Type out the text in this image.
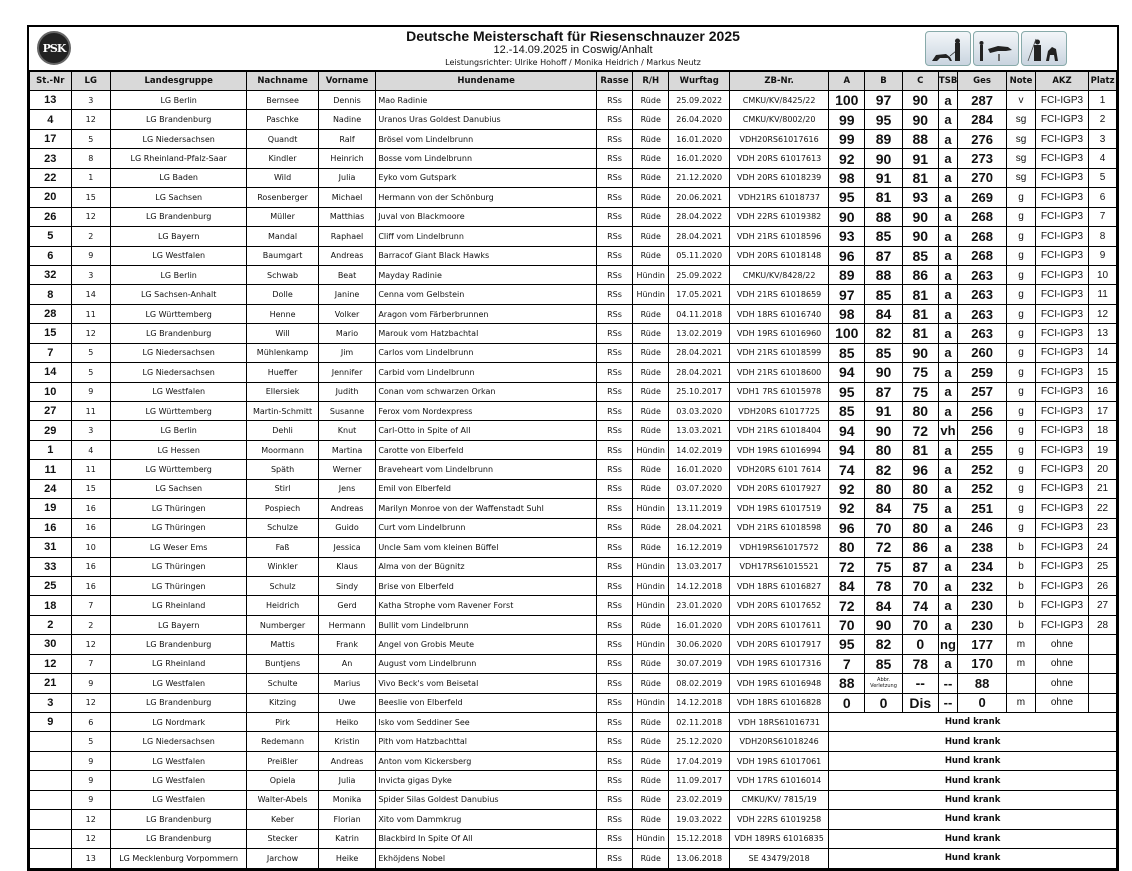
PSK
Deutsche Meisterschaft für Riesenschnauzer 2025
12.-14.09.2025 in Coswig/Anhalt
Leistungsrichter: Ulrike Hohoff / Monika Heidrich / Markus Neutz
St.-Nr	LG	Landesgruppe	Nachname	Vorname	Hundename	Rasse	R/H	Wurftag	ZB-Nr.	A	B	C	TSB	Ges	Note	AKZ	Platz
13	3	LG Berlin	Bernsee	Dennis	Mao Radinie	RSs	Rüde	25.09.2022	CMKU/KV/8425/22	100	97	90	a	287	v	FCI-IGP3	1
4	12	LG Brandenburg	Paschke	Nadine	Uranos Uras Goldest Danubius	RSs	Rüde	26.04.2020	CMKU/KV/8002/20	99	95	90	a	284	sg	FCI-IGP3	2
17	5	LG Niedersachsen	Quandt	Ralf	Brösel vom Lindelbrunn	RSs	Rüde	16.01.2020	VDH20RS61017616	99	89	88	a	276	sg	FCI-IGP3	3
23	8	LG Rheinland-Pfalz-Saar	Kindler	Heinrich	Bosse vom Lindelbrunn	RSs	Rüde	16.01.2020	VDH 20RS 61017613	92	90	91	a	273	sg	FCI-IGP3	4
22	1	LG Baden	Wild	Julia	Eyko vom Gutspark	RSs	Rüde	21.12.2020	VDH 20RS 61018239	98	91	81	a	270	sg	FCI-IGP3	5
20	15	LG Sachsen	Rosenberger	Michael	Hermann von der Schönburg	RSs	Rüde	20.06.2021	VDH21RS 61018737	95	81	93	a	269	g	FCI-IGP3	6
26	12	LG Brandenburg	Müller	Matthias	Juval von Blackmoore	RSs	Rüde	28.04.2022	VDH 22RS 61019382	90	88	90	a	268	g	FCI-IGP3	7
5	2	LG Bayern	Mandal	Raphael	Cliff vom Lindelbrunn	RSs	Rüde	28.04.2021	VDH 21RS 61018596	93	85	90	a	268	g	FCI-IGP3	8
6	9	LG Westfalen	Baumgart	Andreas	Barracof Giant Black Hawks	RSs	Rüde	05.11.2020	VDH 20RS 61018148	96	87	85	a	268	g	FCI-IGP3	9
32	3	LG Berlin	Schwab	Beat	Mayday Radinie	RSs	Hündin	25.09.2022	CMKU/KV/8428/22	89	88	86	a	263	g	FCI-IGP3	10
8	14	LG Sachsen-Anhalt	Dolle	Janine	Cenna vom Gelbstein	RSs	Hündin	17.05.2021	VDH 21RS 61018659	97	85	81	a	263	g	FCI-IGP3	11
28	11	LG Württemberg	Henne	Volker	Aragon vom Färberbrunnen	RSs	Rüde	04.11.2018	VDH 18RS 61016740	98	84	81	a	263	g	FCI-IGP3	12
15	12	LG Brandenburg	Will	Mario	Marouk vom Hatzbachtal	RSs	Rüde	13.02.2019	VDH 19RS 61016960	100	82	81	a	263	g	FCI-IGP3	13
7	5	LG Niedersachsen	Mühlenkamp	Jim	Carlos vom Lindelbrunn	RSs	Rüde	28.04.2021	VDH 21RS 61018599	85	85	90	a	260	g	FCI-IGP3	14
14	5	LG Niedersachsen	Hueffer	Jennifer	Carbid vom Lindelbrunn	RSs	Rüde	28.04.2021	VDH 21RS 61018600	94	90	75	a	259	g	FCI-IGP3	15
10	9	LG Westfalen	Ellersiek	Judith	Conan vom schwarzen Orkan	RSs	Rüde	25.10.2017	VDH1 7RS 61015978	95	87	75	a	257	g	FCI-IGP3	16
27	11	LG Württemberg	Martin-Schmitt	Susanne	Ferox vom Nordexpress	RSs	Rüde	03.03.2020	VDH20RS 61017725	85	91	80	a	256	g	FCI-IGP3	17
29	3	LG Berlin	Dehli	Knut	Carl-Otto in Spite of All	RSs	Rüde	13.03.2021	VDH 21RS 61018404	94	90	72	vh	256	g	FCI-IGP3	18
1	4	LG Hessen	Moormann	Martina	Carotte von Elberfeld	RSs	Hündin	14.02.2019	VDH 19RS 61016994	94	80	81	a	255	g	FCI-IGP3	19
11	11	LG Württemberg	Späth	Werner	Braveheart vom Lindelbrunn	RSs	Rüde	16.01.2020	VDH20RS 6101 7614	74	82	96	a	252	g	FCI-IGP3	20
24	15	LG Sachsen	Stirl	Jens	Emil von Elberfeld	RSs	Rüde	03.07.2020	VDH 20RS 61017927	92	80	80	a	252	g	FCI-IGP3	21
19	16	LG Thüringen	Pospiech	Andreas	Marilyn Monroe von der Waffenstadt Suhl	RSs	Hündin	13.11.2019	VDH 19RS 61017519	92	84	75	a	251	g	FCI-IGP3	22
16	16	LG Thüringen	Schulze	Guido	Curt vom Lindelbrunn	RSs	Rüde	28.04.2021	VDH 21RS 61018598	96	70	80	a	246	g	FCI-IGP3	23
31	10	LG Weser Ems	Faß	Jessica	Uncle Sam vom kleinen Büffel	RSs	Rüde	16.12.2019	VDH19RS61017572	80	72	86	a	238	b	FCI-IGP3	24
33	16	LG Thüringen	Winkler	Klaus	Alma von der Bügnitz	RSs	Hündin	13.03.2017	VDH17RS61015521	72	75	87	a	234	b	FCI-IGP3	25
25	16	LG Thüringen	Schulz	Sindy	Brise von Elberfeld	RSs	Hündin	14.12.2018	VDH 18RS 61016827	84	78	70	a	232	b	FCI-IGP3	26
18	7	LG Rheinland	Heidrich	Gerd	Katha Strophe vom Ravener Forst	RSs	Hündin	23.01.2020	VDH 20RS 61017652	72	84	74	a	230	b	FCI-IGP3	27
2	2	LG Bayern	Numberger	Hermann	Bullit vom Lindelbrunn	RSs	Rüde	16.01.2020	VDH 20RS 61017611	70	90	70	a	230	b	FCI-IGP3	28
30	12	LG Brandenburg	Mattis	Frank	Angel von Grobis Meute	RSs	Hündin	30.06.2020	VDH 20RS 61017917	95	82	0	ng	177	m	ohne	
12	7	LG Rheinland	Buntjens	An	August vom Lindelbrunn	RSs	Rüde	30.07.2019	VDH 19RS 61017316	7	85	78	a	170	m	ohne	
21	9	LG Westfalen	Schulte	Marius	Vivo Beck's vom Beisetal	RSs	Rüde	08.02.2019	VDH 19RS 61016948	88	Abbr. Verletzung	--	--	88		ohne	
3	12	LG Brandenburg	Kitzing	Uwe	Beeslie von Elberfeld	RSs	Hündin	14.12.2018	VDH 18RS 61016828	0	0	Dis	--	0	m	ohne	
9	6	LG Nordmark	Pirk	Heiko	Isko vom Seddiner See	RSs	Rüde	02.11.2018	VDH 18RS61016731	Hund krank							
	5	LG Niedersachsen	Redemann	Kristin	Pith vom Hatzbachttal	RSs	Rüde	25.12.2020	VDH20RS61018246	Hund krank							
	9	LG Westfalen	Preißler	Andreas	Anton vom Kickersberg	RSs	Rüde	17.04.2019	VDH 19RS 61017061	Hund krank							
	9	LG Westfalen	Opiela	Julia	Invicta gigas Dyke	RSs	Rüde	11.09.2017	VDH 17RS 61016014	Hund krank							
	9	LG Westfalen	Walter-Abels	Monika	Spider Silas Goldest Danubius	RSs	Rüde	23.02.2019	CMKU/KV/ 7815/19	Hund krank							
	12	LG Brandenburg	Keber	Florian	Xito vom Dammkrug	RSs	Rüde	19.03.2022	VDH 22RS 61019258	Hund krank							
	12	LG Brandenburg	Stecker	Katrin	Blackbird In Spite Of All	RSs	Hündin	15.12.2018	VDH 189RS 61016835	Hund krank							
	13	LG Mecklenburg Vorpommern	Jarchow	Heike	Ekhöjdens Nobel	RSs	Rüde	13.06.2018	SE 43479/2018	Hund krank							
